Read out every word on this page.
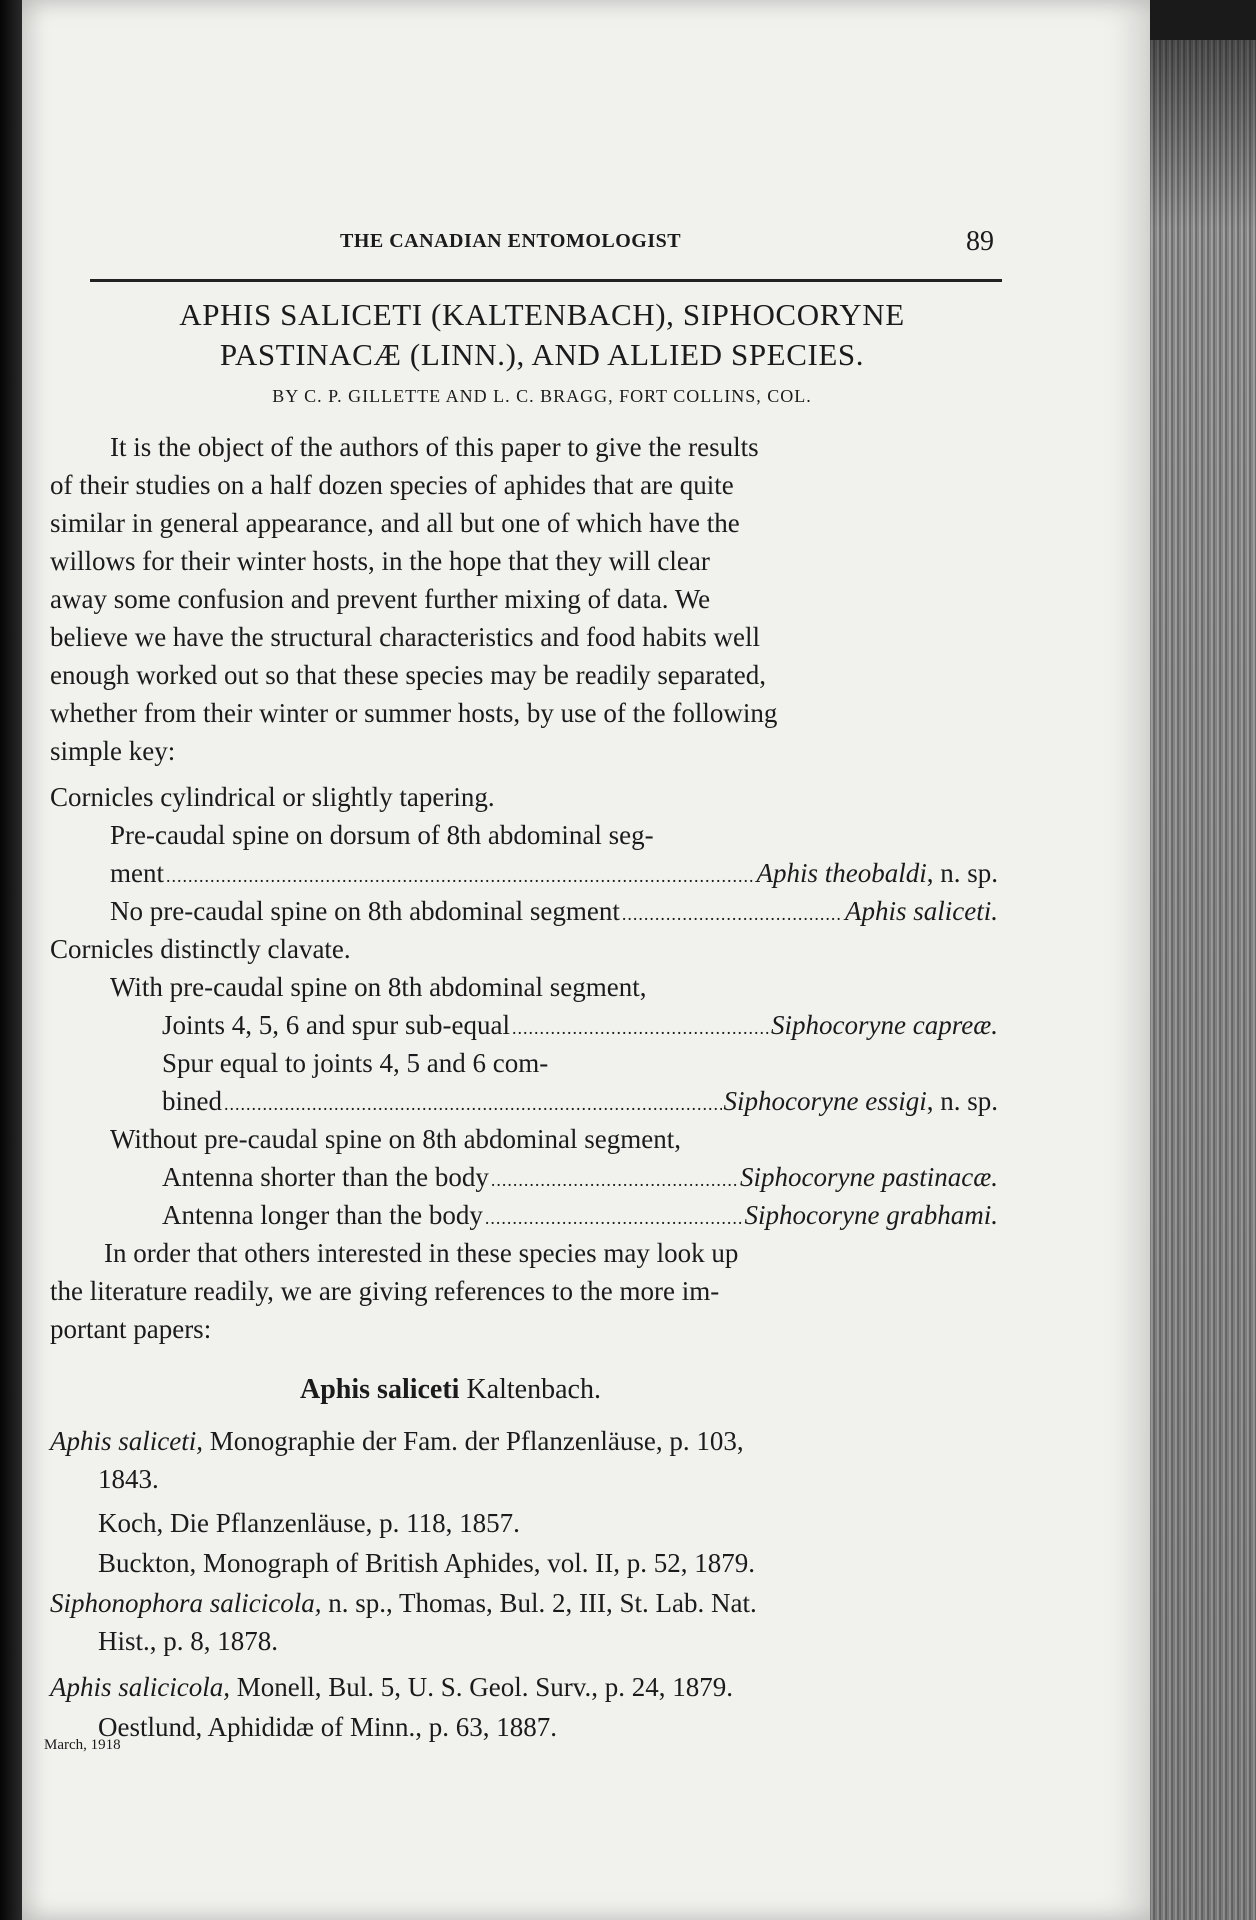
THE CANADIAN ENTOMOLOGIST	89
APHIS SALICETI (KALTENBACH), SIPHOCORYNE
PASTINACÆ (LINN.), AND ALLIED SPECIES.
BY C. P. GILLETTE AND L. C. BRAGG, FORT COLLINS, COL.
It is the object of the authors of this paper to give the results
of their studies on a half dozen species of aphides that are quite
similar in general appearance, and all but one of which have the
willows for their winter hosts, in the hope that they will clear
away some confusion and prevent further mixing of data. We
believe we have the structural characteristics and food habits well
enough worked out so that these species may be readily separated,
whether from their winter or summer hosts, by use of the following
simple key:
Cornicles cylindrical or slightly tapering.
Pre-caudal spine on dorsum of 8th abdominal seg-
ment .....	Aphis theobaldi , n. sp.
No pre-caudal spine on 8th abdominal segment .....	Aphis saliceti.
Cornicles distinctly clavate.
With pre-caudal spine on 8th abdominal segment,
Joints 4, 5, 6 and spur sub-equal .....	Siphocoryne capreæ.
Spur equal to joints 4, 5 and 6 com-
bined .....	Siphocoryne essigi , n. sp.
Without pre-caudal spine on 8th abdominal segment,
Antenna shorter than the body .....	Siphocoryne pastinacæ.
Antenna longer than the body .....	Siphocoryne grabhami.
In order that others interested in these species may look up
the literature readily, we are giving references to the more im-
portant papers:
Aphis saliceti Kaltenbach.
Aphis saliceti, Monographie der Fam. der Pflanzenläuse, p. 103,
1843.
Koch, Die Pflanzenläuse, p. 118, 1857.
Buckton, Monograph of British Aphides, vol. II, p. 52, 1879.
Siphonophora salicicola, n. sp., Thomas, Bul. 2, III, St. Lab. Nat.
Hist., p. 8, 1878.
Aphis salicicola, Monell, Bul. 5, U. S. Geol. Surv., p. 24, 1879.
Oestlund, Aphididæ of Minn., p. 63, 1887.
March, 1918
